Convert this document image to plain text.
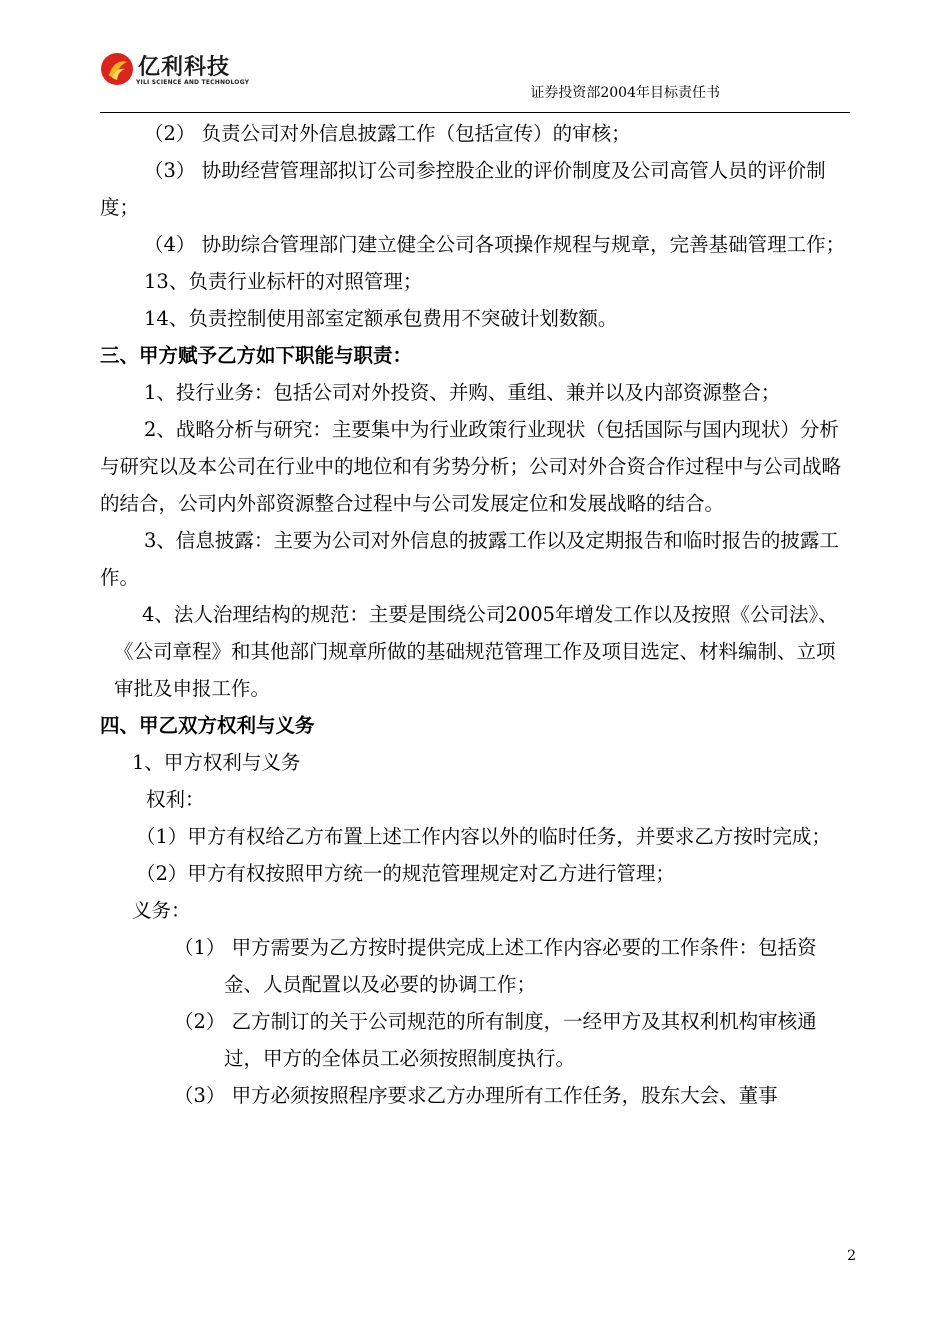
亿利科技
YILI SCIENCE AND TECHNOLOGY
证券投资部2004年目标责任书

（2） 负责公司对外信息披露工作（包括宣传）的审核；

（3） 协助经营管理部拟订公司参控股企业的评价制度及公司高管人员的评价制度；

（4） 协助综合管理部门建立健全公司各项操作规程与规章，完善基础管理工作；

13、负责行业标杆的对照管理；

14、负责控制使用部室定额承包费用不突破计划数额。

三、甲方赋予乙方如下职能与职责：

1、投行业务：包括公司对外投资、并购、重组、兼并以及内部资源整合；

2、战略分析与研究：主要集中为行业政策行业现状（包括国际与国内现状）分析与研究以及本公司在行业中的地位和有劣势分析；公司对外合资合作过程中与公司战略的结合，公司内外部资源整合过程中与公司发展定位和发展战略的结合。

3、信息披露：主要为公司对外信息的披露工作以及定期报告和临时报告的披露工作。

4、法人治理结构的规范：主要是围绕公司2005年增发工作以及按照《公司法》、《公司章程》和其他部门规章所做的基础规范管理工作及项目选定、材料编制、立项审批及申报工作。

四、甲乙双方权利与义务

1、甲方权利与义务

权利：

（1）甲方有权给乙方布置上述工作内容以外的临时任务，并要求乙方按时完成；

（2）甲方有权按照甲方统一的规范管理规定对乙方进行管理；

义务：

（1） 甲方需要为乙方按时提供完成上述工作内容必要的工作条件：包括资金、人员配置以及必要的协调工作；

（2） 乙方制订的关于公司规范的所有制度，一经甲方及其权利机构审核通过，甲方的全体员工必须按照制度执行。

（3） 甲方必须按照程序要求乙方办理所有工作任务，股东大会、董事

2
